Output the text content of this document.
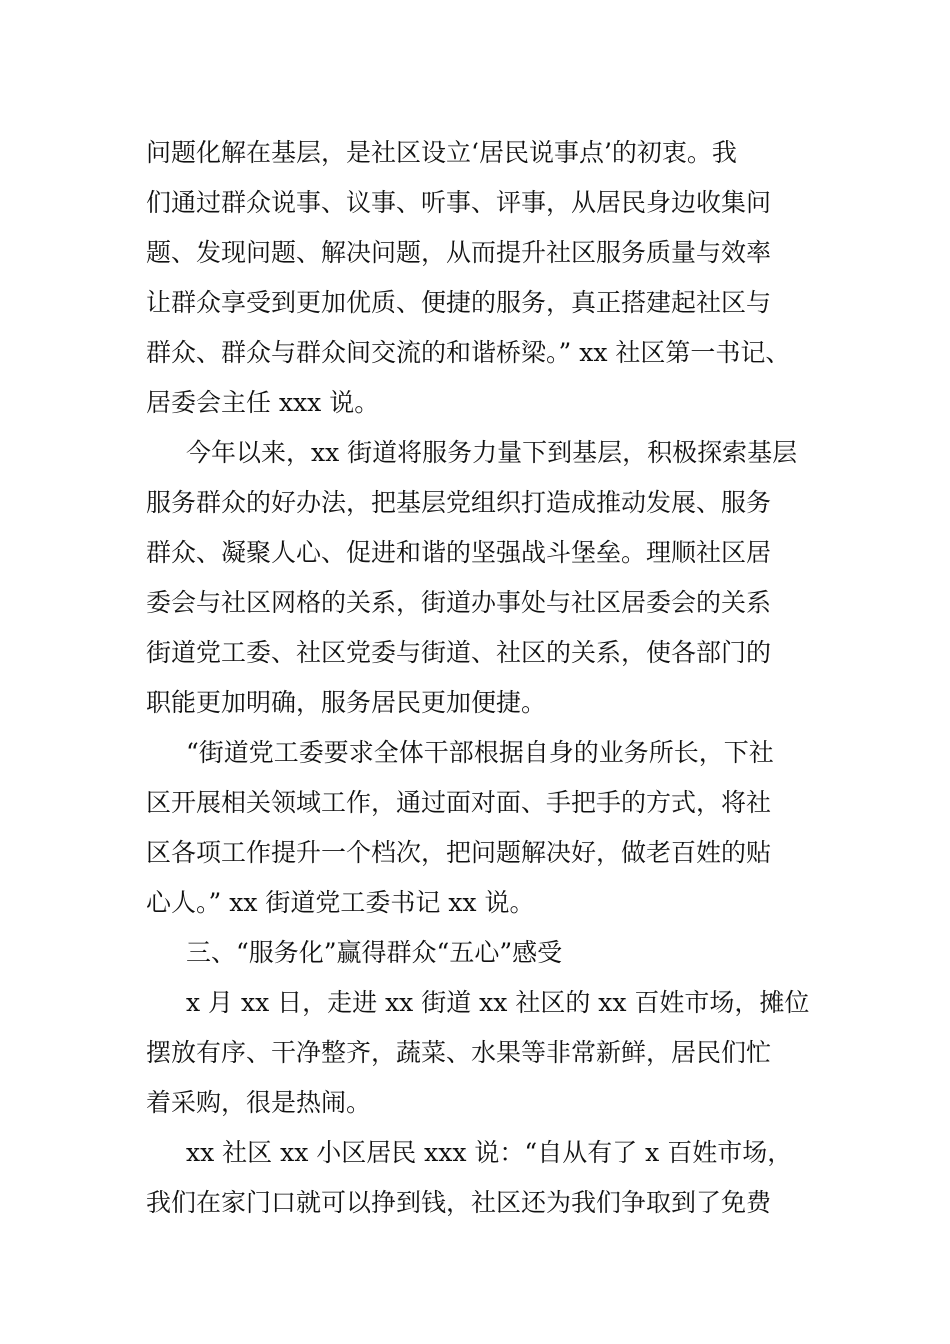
问题化解在基层，是社区设立‘居民说事点’的初衷。我
们通过群众说事、议事、听事、评事，从居民身边收集问
题、发现问题、解决问题，从而提升社区服务质量与效率
让群众享受到更加优质、便捷的服务，真正搭建起社区与
群众、群众与群众间交流的和谐桥梁。” xx 社区第一书记、
居委会主任 xxx 说。
今年以来，xx 街道将服务力量下到基层，积极探索基层
服务群众的好办法，把基层党组织打造成推动发展、服务
群众、凝聚人心、促进和谐的坚强战斗堡垒。理顺社区居
委会与社区网格的关系，街道办事处与社区居委会的关系
街道党工委、社区党委与街道、社区的关系，使各部门的
职能更加明确，服务居民更加便捷。
“街道党工委要求全体干部根据自身的业务所长，下社
区开展相关领域工作，通过面对面、手把手的方式，将社
区各项工作提升一个档次，把问题解决好，做老百姓的贴
心人。” xx 街道党工委书记 xx 说。
三、“服务化”赢得群众“五心”感受
x 月 xx 日，走进 xx 街道 xx 社区的 xx 百姓市场，摊位
摆放有序、干净整齐，蔬菜、水果等非常新鲜，居民们忙
着采购，很是热闹。
xx 社区 xx 小区居民 xxx 说：“自从有了 x 百姓市场，
我们在家门口就可以挣到钱，社区还为我们争取到了免费
